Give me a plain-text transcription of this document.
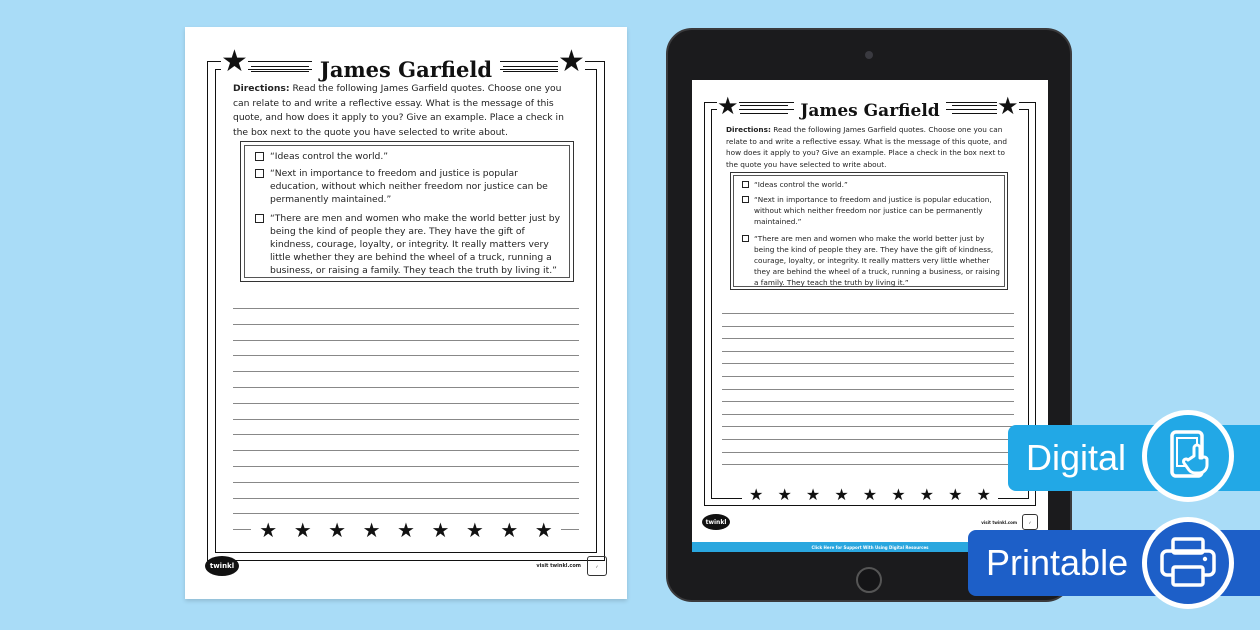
James Garfield
★	★

Directions: Read the following James Garfield quotes. Choose one you can relate to and write a reflective essay. What is the message of this quote, and how does it apply to you? Give an example. Place a check in the box next to the quote you have selected to write about.

“Ideas control the world.”
“Next in importance to freedom and justice is popular education, without which neither freedom nor justice can be permanently maintained.”
“There are men and women who make the world better just by being the kind of people they are. They have the gift of kindness, courage, loyalty, or integrity. It really matters very little whether they are behind the wheel of a truck, running a business, or raising a family. They teach the truth by living it.”
★ ★ ★ ★ ★ ★ ★ ★ ★
twinkl	visit twinkl.com	✓
James Garfield
★	★

Directions: Read the following James Garfield quotes. Choose one you can relate to and write a reflective essay. What is the message of this quote, and how does it apply to you? Give an example. Place a check in the box next to the quote you have selected to write about.

“Ideas control the world.”
“Next in importance to freedom and justice is popular education, without which neither freedom nor justice can be permanently maintained.”
“There are men and women who make the world better just by being the kind of people they are. They have the gift of kindness, courage, loyalty, or integrity. It really matters very little whether they are behind the wheel of a truck, running a business, or raising a family. They teach the truth by living it.”
★ ★ ★ ★ ★ ★ ★ ★ ★
twinkl	visit twinkl.com	✓
Click Here for Support With Using Digital Resources
Digital
Printable
